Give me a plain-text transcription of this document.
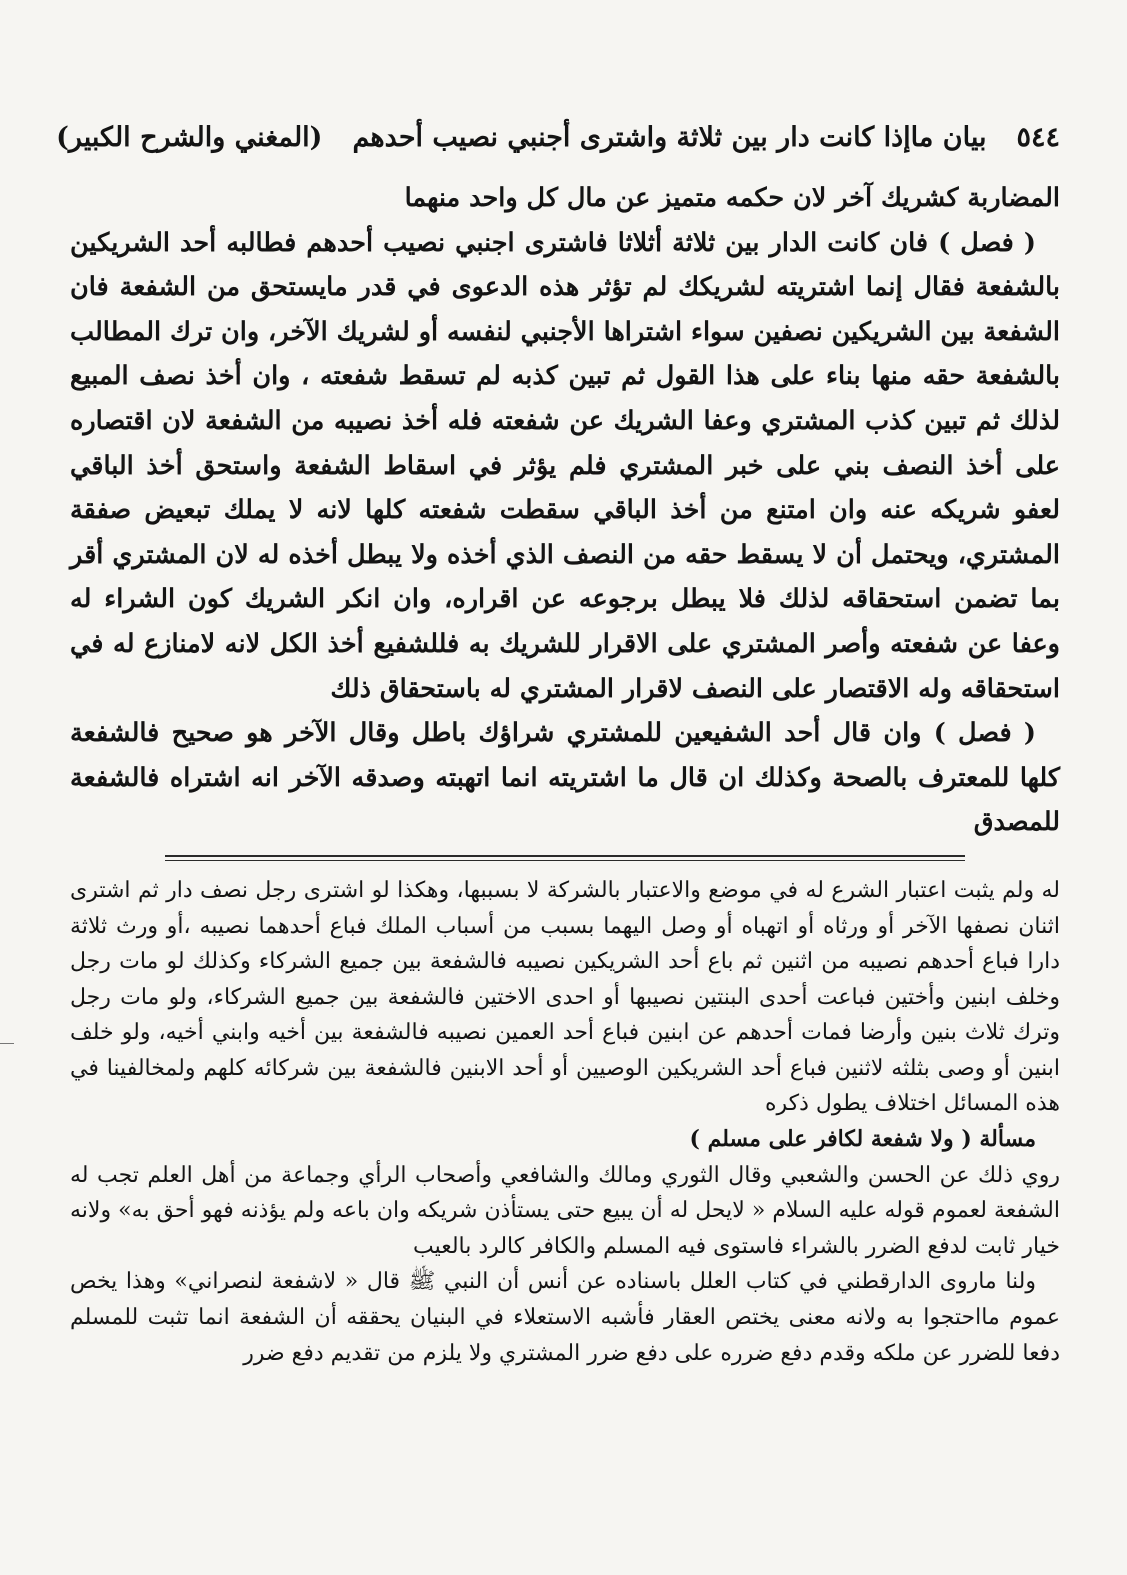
٥٤٤
بيان ماإذا كانت دار بين ثلاثة واشترى أجنبي نصيب أحدهم
(المغني والشرح الكبير)

المضاربة كشريك آخر لان حكمه متميز عن مال كل واحد منهما

( فصل ) فان كانت الدار بين ثلاثة أثلاثا فاشترى اجنبي نصيب أحدهم فطالبه أحد الشريكين بالشفعة فقال إنما اشتريته لشريكك لم تؤثر هذه الدعوى في قدر مايستحق من الشفعة فان الشفعة بين الشريكين نصفين سواء اشتراها الأجنبي لنفسه أو لشريك الآخر، وان ترك المطالب بالشفعة حقه منها بناء على هذا القول ثم تبين كذبه لم تسقط شفعته ، وان أخذ نصف المبيع لذلك ثم تبين كذب المشتري وعفا الشريك عن شفعته فله أخذ نصيبه من الشفعة لان اقتصاره على أخذ النصف بني على خبر المشتري فلم يؤثر في اسقاط الشفعة واستحق أخذ الباقي لعفو شريكه عنه وان امتنع من أخذ الباقي سقطت شفعته كلها لانه لا يملك تبعيض صفقة المشتري، ويحتمل أن لا يسقط حقه من النصف الذي أخذه ولا يبطل أخذه له لان المشتري أقر بما تضمن استحقاقه لذلك فلا يبطل برجوعه عن اقراره، وان انكر الشريك كون الشراء له وعفا عن شفعته وأصر المشتري على الاقرار للشريك به فللشفيع أخذ الكل لانه لامنازع له في استحقاقه وله الاقتصار على النصف لاقرار المشتري له باستحقاق ذلك

( فصل ) وان قال أحد الشفيعين للمشتري شراؤك باطل وقال الآخر هو صحيح فالشفعة كلها للمعترف بالصحة وكذلك ان قال ما اشتريته انما اتهبته وصدقه الآخر انه اشتراه فالشفعة للمصدق

له ولم يثبت اعتبار الشرع له في موضع والاعتبار بالشركة لا بسببها، وهكذا لو اشترى رجل نصف دار ثم اشترى اثنان نصفها الآخر أو ورثاه أو اتهباه أو وصل اليهما بسبب من أسباب الملك فباع أحدهما نصيبه ،أو ورث ثلاثة دارا فباع أحدهم نصيبه من اثنين ثم باع أحد الشريكين نصيبه فالشفعة بين جميع الشركاء وكذلك لو مات رجل وخلف ابنين وأختين فباعت أحدى البنتين نصيبها أو احدى الاختين فالشفعة بين جميع الشركاء، ولو مات رجل وترك ثلاث بنين وأرضا فمات أحدهم عن ابنين فباع أحد العمين نصيبه فالشفعة بين أخيه وابني أخيه، ولو خلف ابنين أو وصى بثلثه لاثنين فباع أحد الشريكين الوصيين أو أحد الابنين فالشفعة بين شركائه كلهم ولمخالفينا في هذه المسائل اختلاف يطول ذكره

مسألة ( ولا شفعة لكافر على مسلم )

روي ذلك عن الحسن والشعبي وقال الثوري ومالك والشافعي وأصحاب الرأي وجماعة من أهل العلم تجب له الشفعة لعموم قوله عليه السلام « لايحل له أن يبيع حتى يستأذن شريكه وان باعه ولم يؤذنه فهو أحق به» ولانه خيار ثابت لدفع الضرر بالشراء فاستوى فيه المسلم والكافر كالرد بالعيب

ولنا ماروى الدارقطني في كتاب العلل باسناده عن أنس أن النبي ﷺ قال « لاشفعة لنصراني» وهذا يخص عموم مااحتجوا به ولانه معنى يختص العقار فأشبه الاستعلاء في البنيان يحققه أن الشفعة انما تثبت للمسلم دفعا للضرر عن ملكه وقدم دفع ضرره على دفع ضرر المشتري ولا يلزم من تقديم دفع ضرر
